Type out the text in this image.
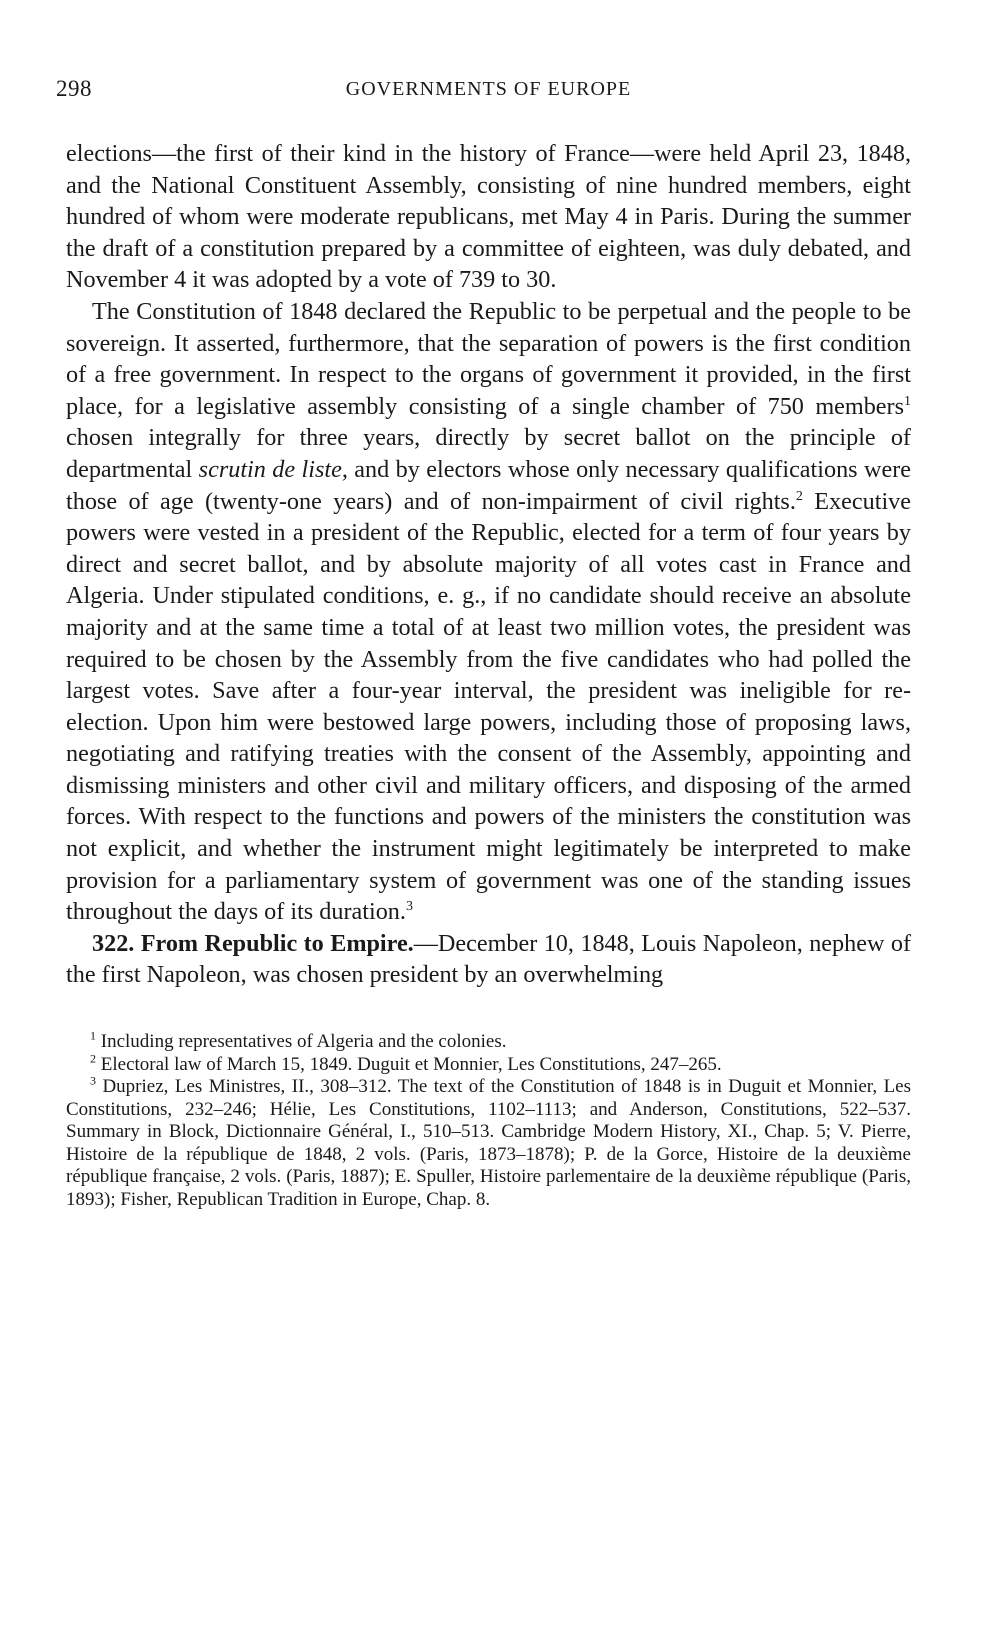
298	GOVERNMENTS OF EUROPE

elections—the first of their kind in the history of France—were held April 23, 1848, and the National Constituent Assembly, consisting of nine hundred members, eight hundred of whom were moderate republicans, met May 4 in Paris. During the summer the draft of a constitution prepared by a committee of eighteen, was duly debated, and November 4 it was adopted by a vote of 739 to 30.

The Constitution of 1848 declared the Republic to be perpetual and the people to be sovereign. It asserted, furthermore, that the separation of powers is the first condition of a free government. In respect to the organs of government it provided, in the first place, for a legislative assembly consisting of a single chamber of 750 members$^1$ chosen integrally for three years, directly by secret ballot on the principle of departmental scrutin de liste, and by electors whose only necessary qualifications were those of age (twenty-one years) and of non-impairment of civil rights.$^2$ Executive powers were vested in a president of the Republic, elected for a term of four years by direct and secret ballot, and by absolute majority of all votes cast in France and Algeria. Under stipulated conditions, e. g., if no candidate should receive an absolute majority and at the same time a total of at least two million votes, the president was required to be chosen by the Assembly from the five candidates who had polled the largest votes. Save after a four-year interval, the president was ineligible for re-election. Upon him were bestowed large powers, including those of proposing laws, negotiating and ratifying treaties with the consent of the Assembly, appointing and dismissing ministers and other civil and military officers, and disposing of the armed forces. With respect to the functions and powers of the ministers the constitution was not explicit, and whether the instrument might legitimately be interpreted to make provision for a parliamentary system of government was one of the standing issues throughout the days of its duration.$^3$

322. From Republic to Empire.—December 10, 1848, Louis Napoleon, nephew of the first Napoleon, was chosen president by an overwhelming

$^1$ Including representatives of Algeria and the colonies.

$^2$ Electoral law of March 15, 1849. Duguit et Monnier, Les Constitutions, 247–265.

$^3$ Dupriez, Les Ministres, II., 308–312. The text of the Constitution of 1848 is in Duguit et Monnier, Les Constitutions, 232–246; Hélie, Les Constitutions, 1102–1113; and Anderson, Constitutions, 522–537. Summary in Block, Dictionnaire Général, I., 510–513. Cambridge Modern History, XI., Chap. 5; V. Pierre, Histoire de la république de 1848, 2 vols. (Paris, 1873–1878); P. de la Gorce, Histoire de la deuxième république française, 2 vols. (Paris, 1887); E. Spuller, Histoire parlementaire de la deuxième république (Paris, 1893); Fisher, Republican Tradition in Europe, Chap. 8.
